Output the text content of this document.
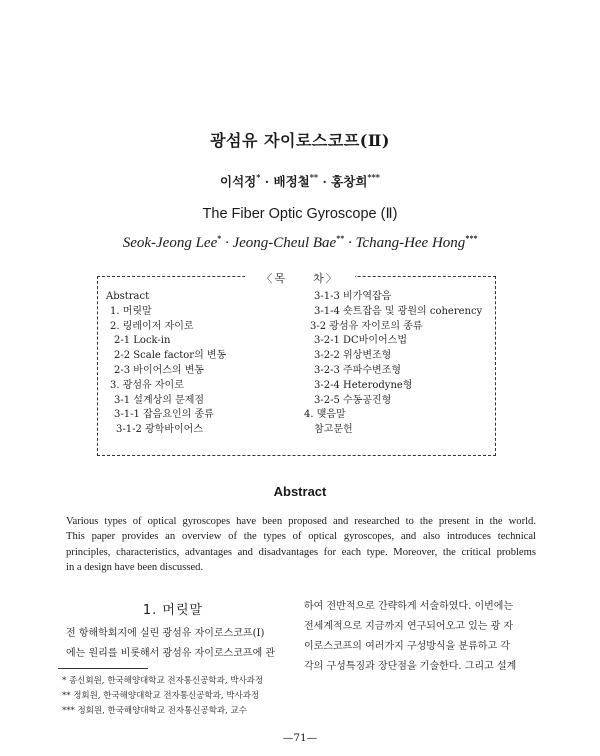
광섬유 자이로스코프(Ⅱ)
이석정* · 배정철** · 홍창희***
The Fiber Optic Gyroscope (Ⅱ)
Seok-Jeong Lee* · Jeong-Cheul Bae** · Tchang-Hee Hong***
〈목　　차〉
Abstract
1. 머릿말
2. 링레이저 자이로
2-1 Lock-in
2-2 Scale factor의 변동
2-3 바이어스의 변동
3. 광섬유 자이로
3-1 설계상의 문제점
3-1-1 잡음요인의 종류
3-1-2 광학바이어스
3-1-3 비가역잡음
3-1-4 숏트잡음 및 광원의 coherency
3-2 광섬유 자이로의 종류
3-2-1 DC바이어스법
3-2-2 위상변조형
3-2-3 주파수변조형
3-2-4 Heterodyne형
3-2-5 수동공진형
4. 맺음말
참고문헌
Abstract
Various types of optical gyroscopes have been proposed and researched to the present in the world.
This paper provides an overview of the types of optical gyroscopes, and also introduces technical
principles, characteristics, advantages and disadvantages for each type. Moreover, the critical problems
in a design have been discussed.
1. 머릿말
전 항해학회지에 실린 광섬유 자이로스코프(Ⅰ)
에는 원리를 비롯해서 광섬유 자이로스코프에 관
하여 전반적으로 간략하게 서술하였다. 이번에는
전세계적으로 지금까지 연구되어오고 있는 광 자
이로스코프의 여러가지 구성방식을 분류하고 각
각의 구성특징과 장단점을 기술한다. 그리고 설계
* 종신회원, 한국해양대학교 전자통신공학과, 박사과정
** 정회원, 한국해양대학교 전자통신공학과, 박사과정
*** 정회원, 한국해양대학교 전자통신공학과, 교수
—71—
